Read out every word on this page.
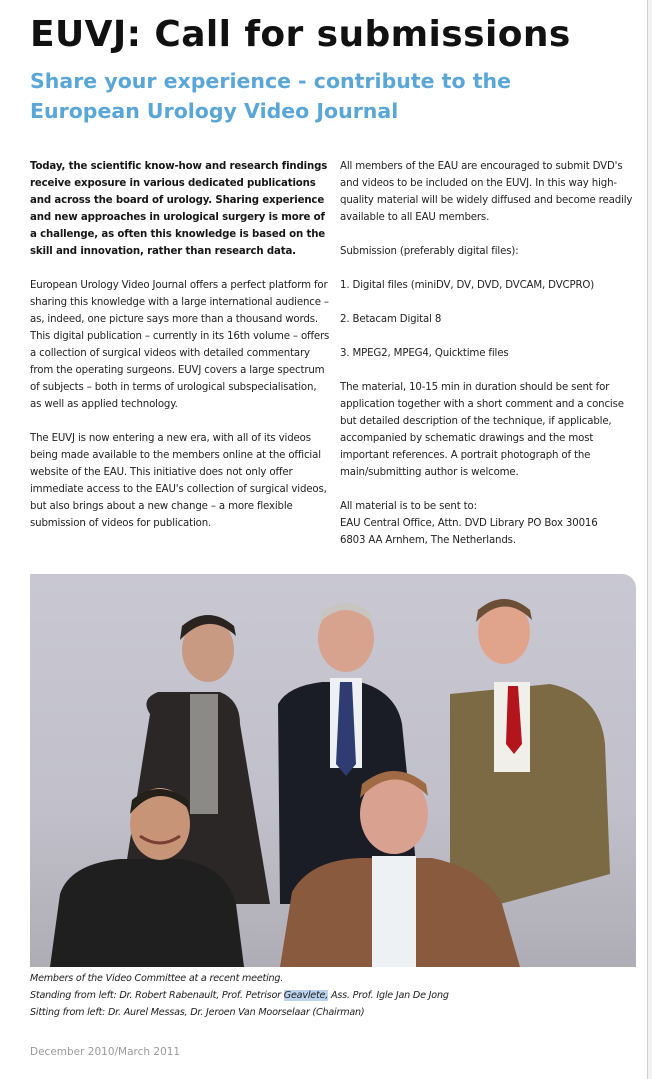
EUVJ: Call for submissions
Share your experience - contribute to the European Urology Video Journal

Today, the scientific know-how and research findings receive exposure in various dedicated publications and across the board of urology. Sharing experience and new approaches in urological surgery is more of a challenge, as often this knowledge is based on the skill and innovation, rather than research data.

European Urology Video Journal offers a perfect platform for sharing this knowledge with a large international audience – as, indeed, one picture says more than a thousand words. This digital publication – currently in its 16th volume – offers a collection of surgical videos with detailed commentary from the operating surgeons. EUVJ covers a large spectrum of subjects – both in terms of urological subspecialisation, as well as applied technology.

The EUVJ is now entering a new era, with all of its videos being made available to the members online at the official website of the EAU. This initiative does not only offer immediate access to the EAU's collection of surgical videos, but also brings about a new change – a more flexible submission of videos for publication.

All members of the EAU are encouraged to submit DVD's and videos to be included on the EUVJ. In this way high-quality material will be widely diffused and become readily available to all EAU members.

Submission (preferably digital files):

1. Digital files (miniDV, DV, DVD, DVCAM, DVCPRO)

2. Betacam Digital 8

3. MPEG2, MPEG4, Quicktime files

The material, 10-15 min in duration should be sent for application together with a short comment and a concise but detailed description of the technique, if applicable, accompanied by schematic drawings and the most important references. A portrait photograph of the main/submitting author is welcome.

All material is to be sent to:
EAU Central Office, Attn. DVD Library PO Box 30016
6803 AA Arnhem, The Netherlands.
Members of the Video Committee at a recent meeting.
Standing from left: Dr. Robert Rabenault, Prof. Petrisor Geavlete, Ass. Prof. Igle Jan De Jong
Sitting from left: Dr. Aurel Messas, Dr. Jeroen Van Moorselaar (Chairman)
December 2010/March 2011
